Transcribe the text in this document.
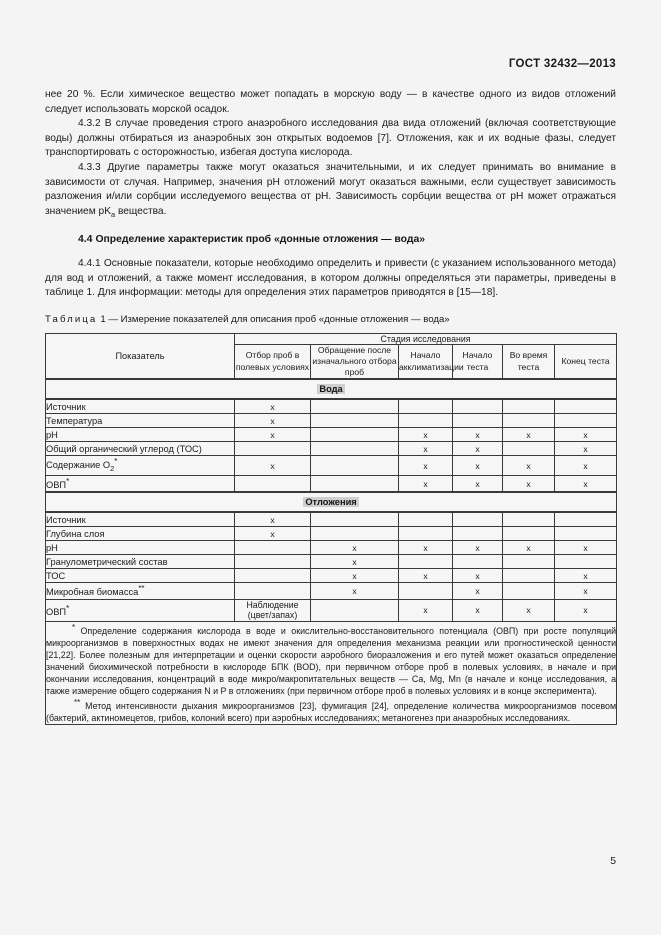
ГОСТ 32432—2013

нее 20 %. Если химическое вещество может попадать в морскую воду — в качестве одного из видов отложений следует использовать морской осадок.

4.3.2 В случае проведения строго анаэробного исследования два вида отложений (включая соответствующие воды) должны отбираться из анаэробных зон открытых водоемов [7]. Отложения, как и их водные фазы, следует транспортировать с осторожностью, избегая доступа кислорода.

4.3.3 Другие параметры также могут оказаться значительными, и их следует принимать во внимание в зависимости от случая. Например, значения pH отложений могут оказаться важными, если существует зависимость разложения и/или сорбции исследуемого вещества от pH. Зависимость сорбции вещества от pH может отражаться значением $pK_a$ вещества.

4.4 Определение характеристик проб «донные отложения — вода»

4.4.1 Основные показатели, которые необходимо определить и привести (с указанием использованного метода) для вод и отложений, а также момент исследования, в котором должны определяться эти параметры, приведены в таблице 1. Для информации: методы для определения этих параметров приводятся в [15—18].

Таблица 1 — Измерение показателей для описания проб «донные отложения — вода»

Показатель	Стадия исследования					
	Отбор проб в полевых условиях	Обращение после изначального отбора проб	Начало акклиматизации	Начало теста	Во время теста	Конец теста
Вода						
Источник	x					
Температура	x					
pH	x		x	x	x	x
Общий органический углерод (ТОС)			x	x		x
Содержание $O_2^*$	x		x	x	x	x
ОВП*			x	x	x	x
Отложения						
Источник	x					
Глубина слоя	x					
pH		x	x	x	x	x
Гранулометрический состав		x				
ТОС		x	x	x		x
Микробная биомасса**		x		x		x
ОВП*	Наблюдение (цвет/запах)		x	x	x	x

* Определение содержания кислорода в воде и окислительно-восстановительного потенциала (ОВП) при росте популяций микроорганизмов в поверхностных водах не имеют значения для определения механизма реакции или прогностической ценности [21,22]. Более полезным для интерпретации и оценки скорости аэробного биоразложения и его путей может оказаться определение значений биохимической потребности в кислороде БПК (BOD), при первичном отборе проб в полевых условиях, в начале и при окончании исследования, концентраций в воде микро/макропитательных веществ — Ca, Mg, Mn (в начале и конце исследования, а также измерение общего содержания N и P в отложениях (при первичном отборе проб в полевых условиях и в конце эксперимента).

** Метод интенсивности дыхания микроорганизмов [23], фумигация [24], определение количества микроорганизмов посевом (бактерий, актиномецетов, грибов, колоний всего) при аэробных исследованиях; метаногенез при анаэробных исследованиях.						

5
